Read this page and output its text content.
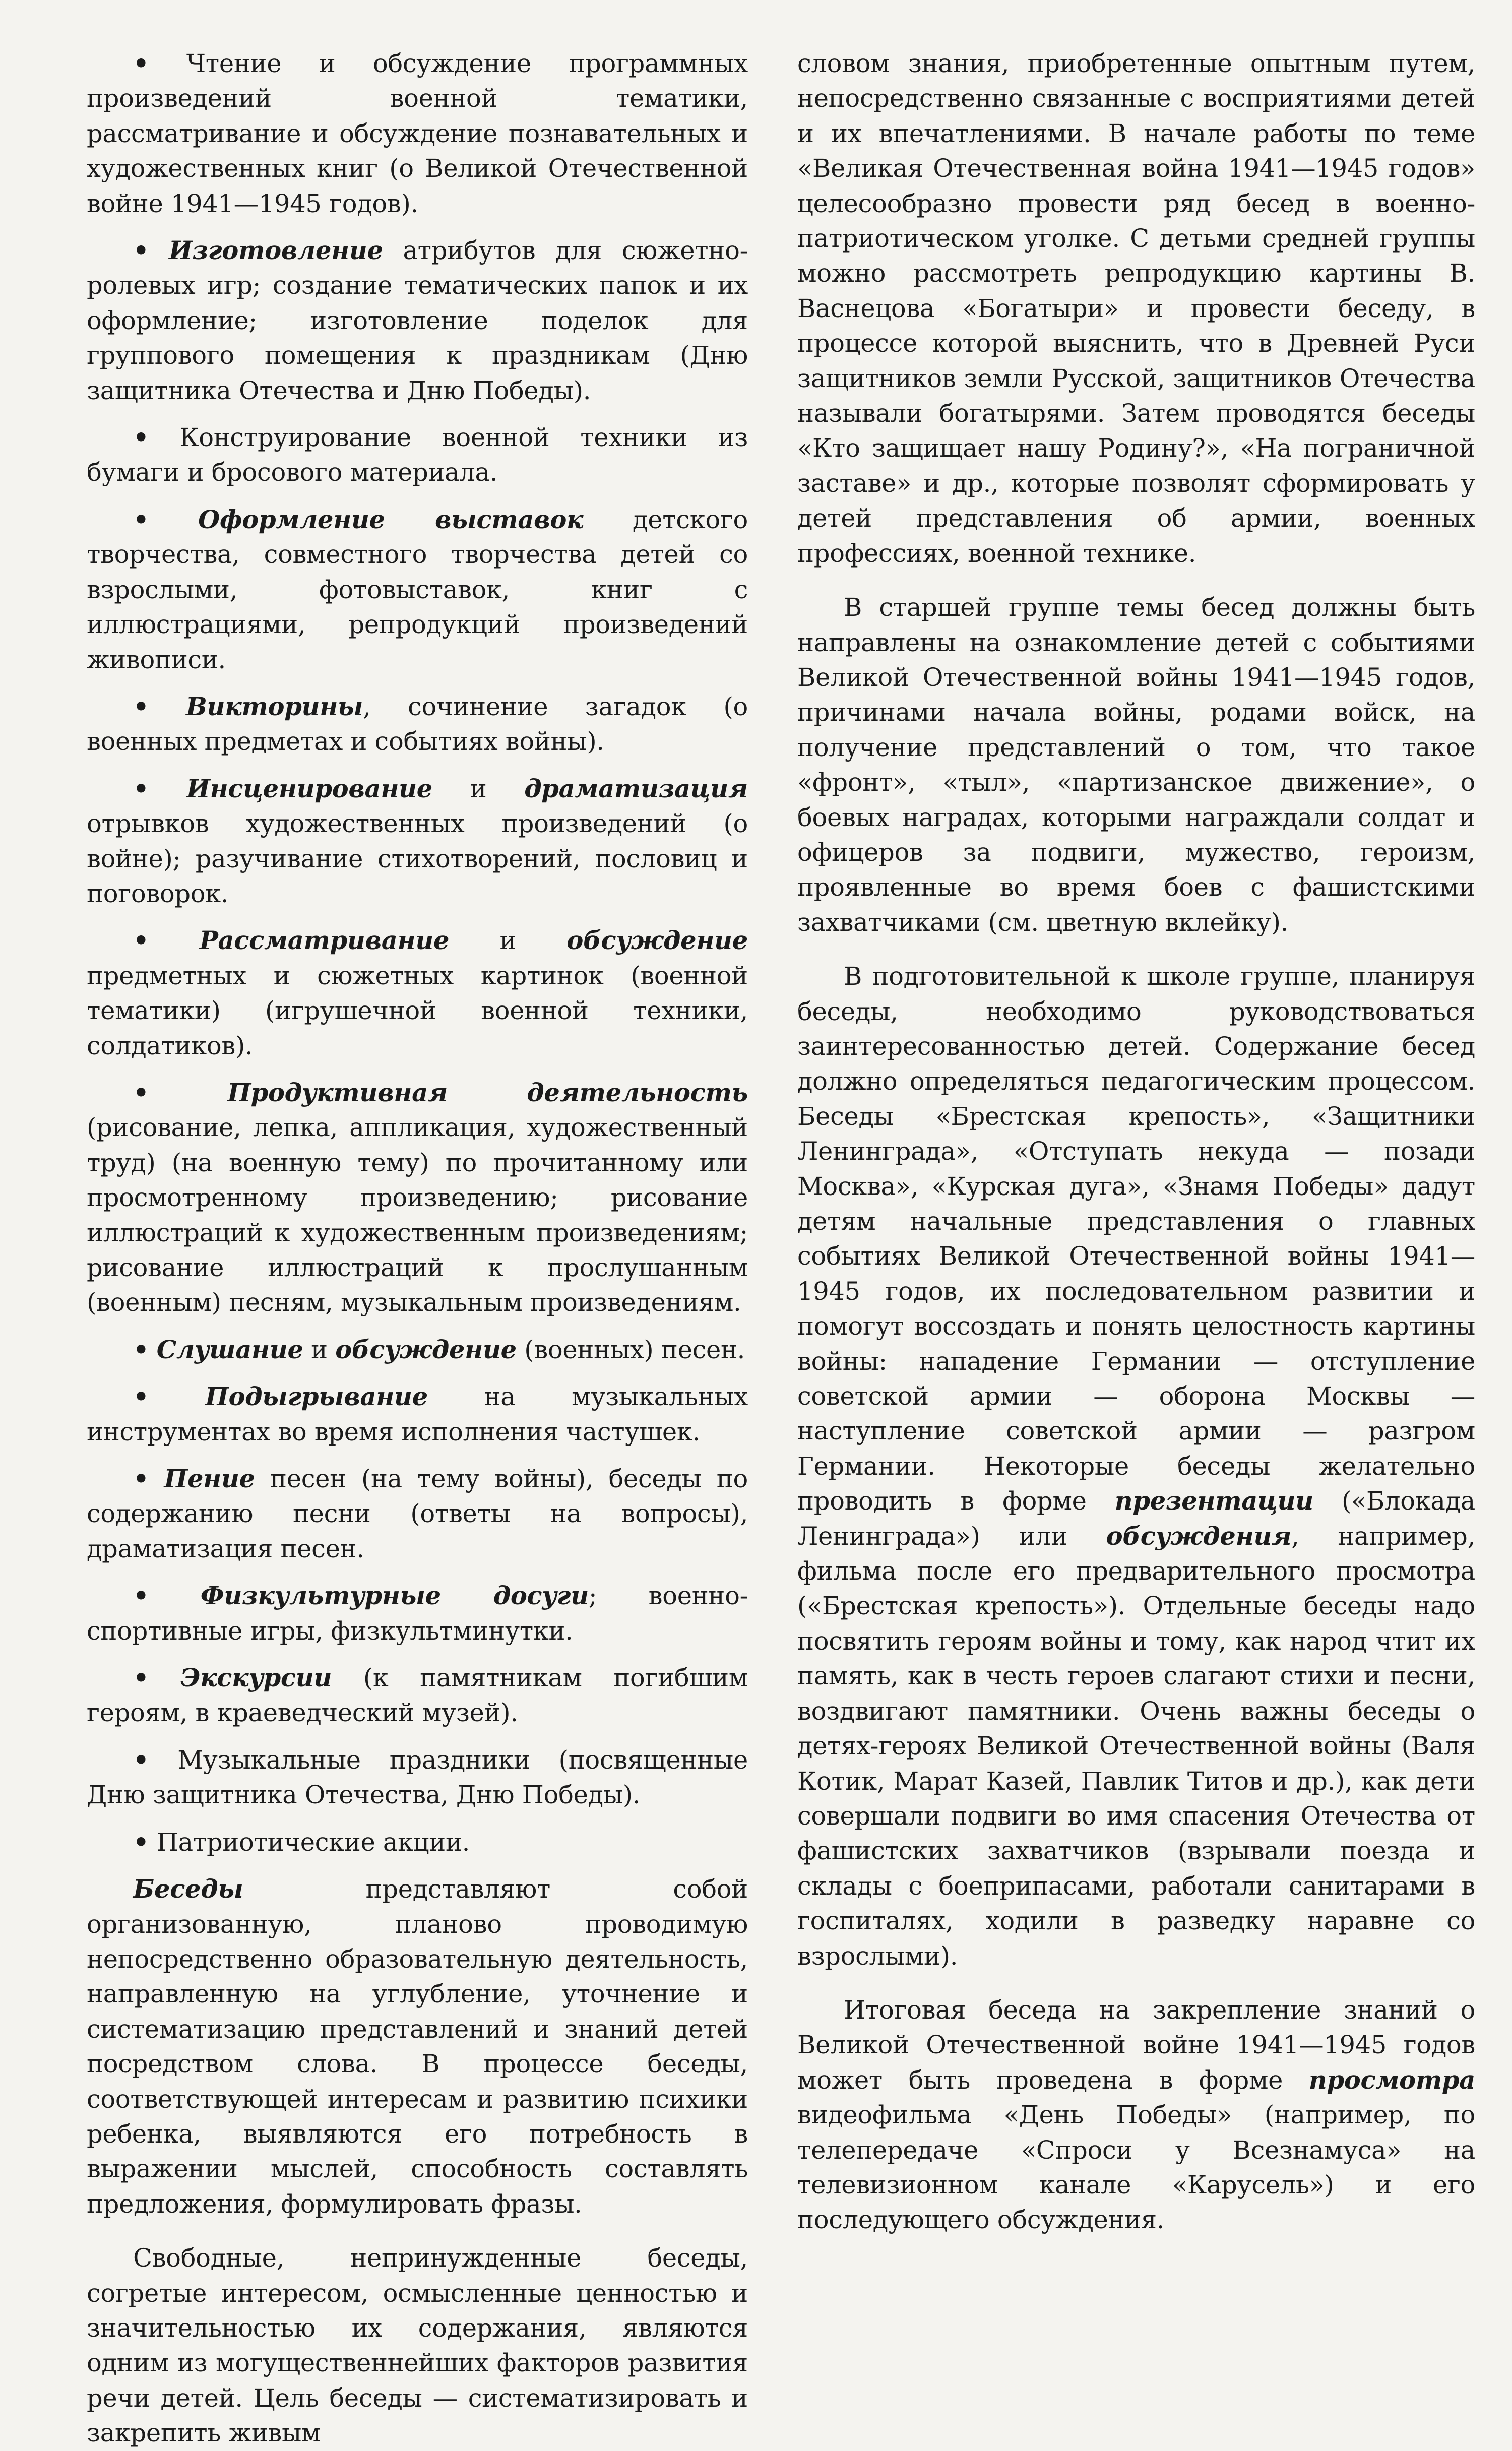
• Чтение и обсуждение программных произведений военной тематики, рассматривание и обсуждение познавательных и художественных книг (о Великой Отечественной войне 1941—1945 годов).

• Изготовление атрибутов для сюжетно-ролевых игр; создание тематических папок и их оформление; изготовление поделок для группового помещения к праздникам (Дню защитника Отечества и Дню Победы).

• Конструирование военной техники из бумаги и бросового материала.

• Оформление выставок детского творчества, совместного творчества детей со взрослыми, фотовыставок, книг с иллюстрациями, репродукций произведений живописи.

• Викторины, сочинение загадок (о военных предметах и событиях войны).

• Инсценирование и драматизация отрывков художественных произведений (о войне); разучивание стихотворений, пословиц и поговорок.

• Рассматривание и обсуждение предметных и сюжетных картинок (военной тематики) (игрушечной военной техники, солдатиков).

•	Продуктивная деятельность (рисование, лепка, аппликация, художественный труд) (на военную тему) по прочитанному или просмотренному произведению; рисование иллюстраций к художественным произведениям; рисование иллюстраций к прослушанным (военным) песням, музыкальным произведениям.

• Слушание и обсуждение (военных) песен.

• Подыгрывание на музыкальных инструментах во время исполнения частушек.

• Пение песен (на тему войны), беседы по содержанию песни (ответы на вопросы), драматизация песен.

• Физкультурные досуги; военно-спортивные игры, физкультминутки.

• Экскурсии (к памятникам погибшим героям, в краеведческий музей).

• Музыкальные праздники (посвященные Дню защитника Отечества, Дню Победы).

• Патриотические акции.

Беседы представляют собой организованную, планово проводимую непосредственно образовательную деятельность, направленную на углубление, уточнение и систематизацию представлений и знаний детей посредством слова. В процессе беседы, соответствующей интересам и развитию психики ребенка, выявляются его потребность в выражении мыслей, способность составлять предложения, формулировать фразы.

Свободные, непринужденные беседы, согретые интересом, осмысленные ценностью и значительностью их содержания, являются одним из могущественнейших факторов развития речи детей. Цель беседы — систематизировать и закрепить живым

словом знания, приобретенные опытным путем, непосредственно связанные с восприятиями детей и их впечатлениями. В начале работы по теме «Великая Отечественная война 1941—1945 годов» целесообразно провести ряд бесед в военно-патриотическом уголке. С детьми средней группы можно рассмотреть репродукцию картины В. Васнецова «Богатыри» и провести беседу, в процессе которой выяснить, что в Древней Руси защитников земли Русской, защитников Отечества называли богатырями. Затем проводятся беседы «Кто защищает нашу Родину?», «На пограничной заставе» и др., которые позволят сформировать у детей представления об армии, военных профессиях, военной технике.

В старшей группе темы бесед должны быть направлены на ознакомление детей с событиями Великой Отечественной войны 1941—1945 годов, причинами начала войны, родами войск, на получение представлений о том, что такое «фронт», «тыл», «партизанское движение», о боевых наградах, которыми награждали солдат и офицеров за подвиги, мужество, героизм, проявленные во время боев с фашистскими захватчиками (см. цветную вклейку).

В подготовительной к школе группе, планируя беседы, необходимо руководствоваться заинтересованностью детей. Содержание бесед должно определяться педагогическим процессом. Беседы «Брестская крепость», «Защитники Ленинграда», «Отступать некуда — позади Москва», «Курская дуга», «Знамя Победы» дадут детям начальные представления о главных событиях Великой Отечественной войны 1941—1945 годов, их последовательном развитии и помогут воссоздать и понять целостность картины войны: нападение Германии — отступление советской армии — оборона Москвы — наступление советской армии — разгром Германии. Некоторые беседы желательно проводить в форме презентации («Блокада Ленинграда») или обсуждения, например, фильма после его предварительного просмотра («Брестская крепость»). Отдельные беседы надо посвятить героям войны и тому, как народ чтит их память, как в честь героев слагают стихи и песни, воздвигают памятники. Очень важны беседы о детях-героях Великой Отечественной войны (Валя Котик, Марат Казей, Павлик Титов и др.), как дети совершали подвиги во имя спасения Отечества от фашистских захватчиков (взрывали поезда и склады с боеприпасами, работали санитарами в госпиталях, ходили в разведку наравне со взрослыми).

Итоговая беседа на закрепление знаний о Великой Отечественной войне 1941—1945 годов может быть проведена в форме просмотра видеофильма «День Победы» (например, по телепередаче «Спроси у Всезнамуса» на телевизионном канале «Карусель») и его последующего обсуждения.
